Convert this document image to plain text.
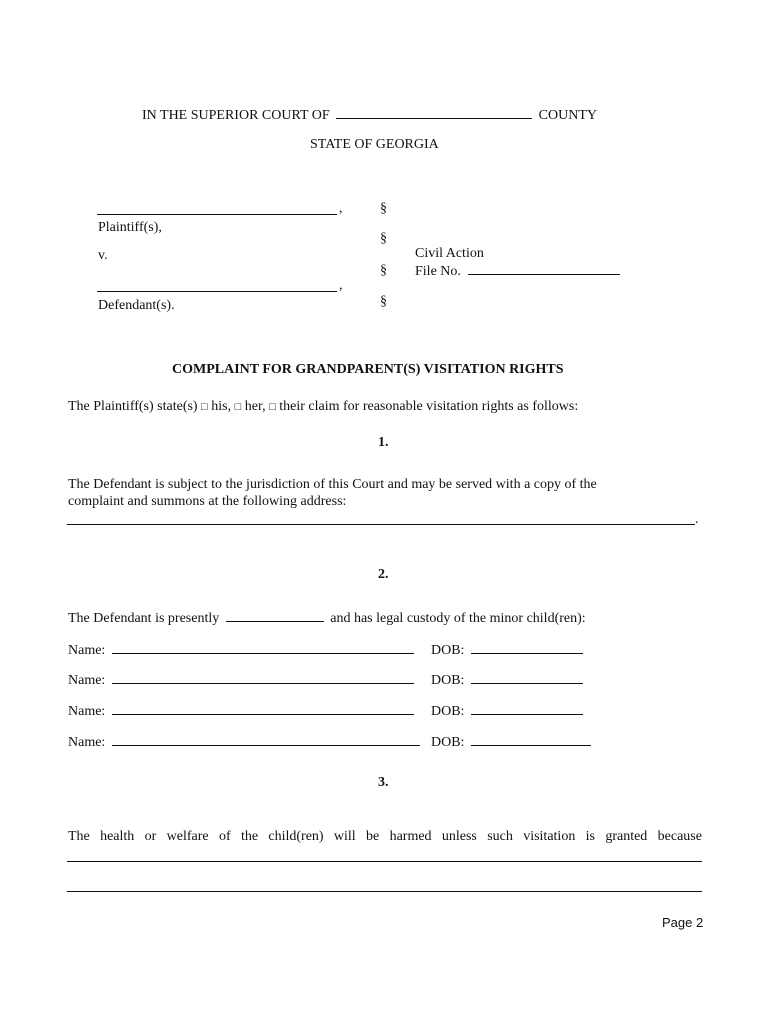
IN THE SUPERIOR COURT OF	COUNTY
STATE OF GEORGIA
,
Plaintiff(s),
v.
,
Defendant(s).
§
§
§
§
Civil Action
File No.
COMPLAINT FOR GRANDPARENT(S) VISITATION RIGHTS
The Plaintiff(s) state(s) □ his, □ her, □ their claim for reasonable visitation rights as follows:
1.
The Defendant is subject to the jurisdiction of this Court and may be served with a copy of the
complaint and summons at the following address:
.
2.
The Defendant is presently	and has legal custody of the minor child(ren):
Name:	DOB:
Name:	DOB:
Name:	DOB:
Name:	DOB:
3.
The health or welfare of the child(ren) will be harmed unless such visitation is granted because
Page 2
